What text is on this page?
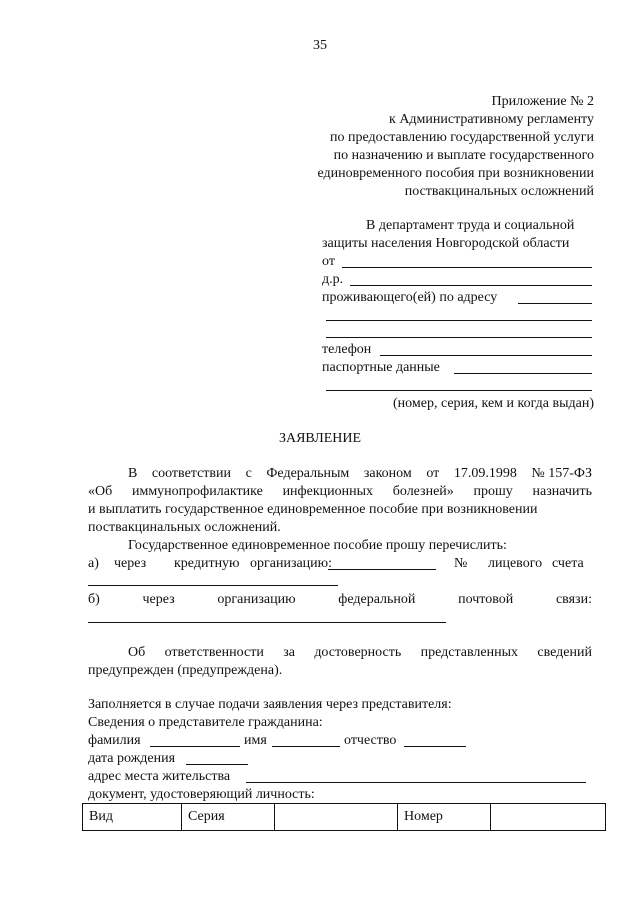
35
Приложение № 2
к Административному регламенту
по предоставлению государственной услуги
по назначению и выплате государственного
единовременного пособия при возникновении
поствакцинальных осложнений
В департамент труда и социальной
защиты населения Новгородской области
от
д.р.
проживающего(ей) по адресу
телефон
паспортные данные
(номер, серия, кем и когда выдан)
ЗАЯВЛЕНИЕ
В соответствии с Федеральным законом от 17.09.1998 № 157-ФЗ
«Об иммунопрофилактике инфекционных болезней» прошу назначить
и выплатить государственное единовременное пособие при возникновении
поствакцинальных осложнений.
Государственное единовременное пособие прошу перечислить:
а) через кредитную организацию:	№ лицевого счета
б)	через	организацию	федеральной	почтовой	связи:
Об ответственности за достоверность представленных сведений
предупрежден (предупреждена).
Заполняется в случае подачи заявления через представителя:
Сведения о представителе гражданина:
фамилия	имя	отчество
дата рождения
адрес места жительства
документ, удостоверяющий личность:
Вид	Серия		Номер	
